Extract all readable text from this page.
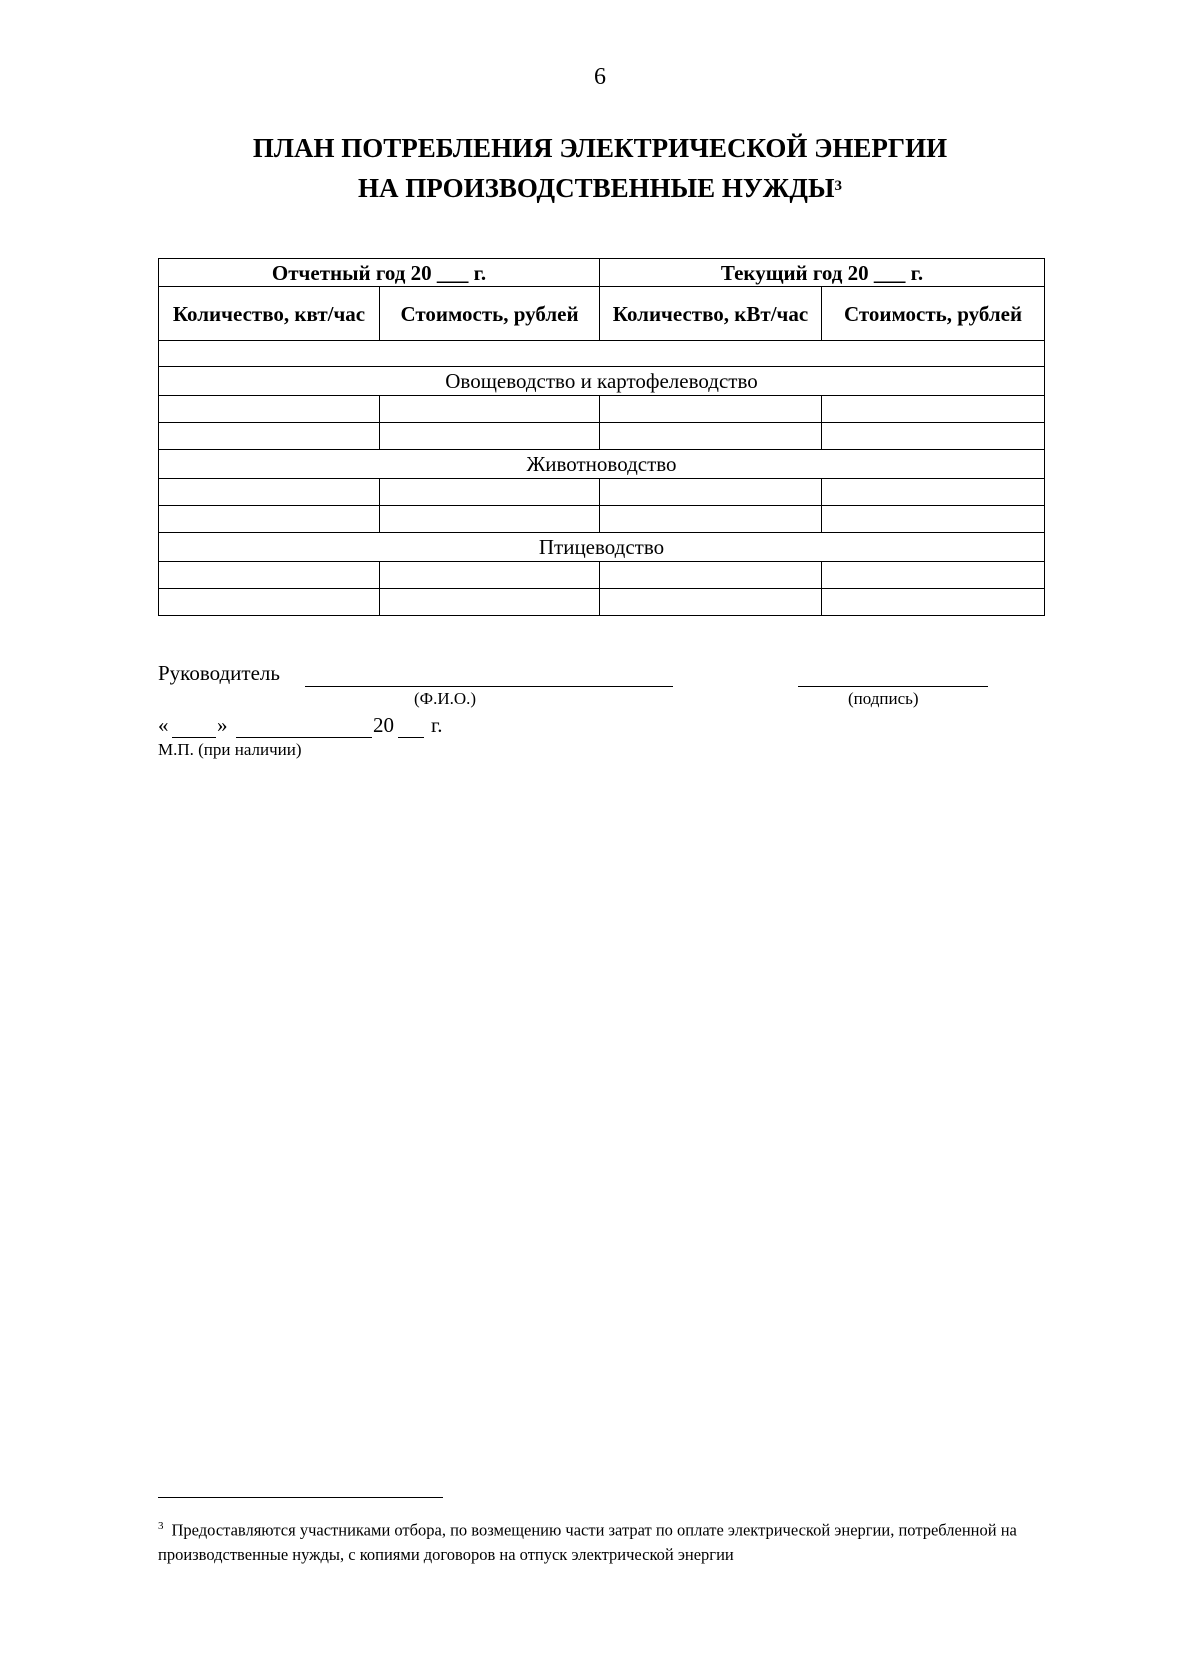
6
ПЛАН ПОТРЕБЛЕНИЯ ЭЛЕКТРИЧЕСКОЙ ЭНЕРГИИ
НА ПРОИЗВОДСТВЕННЫЕ НУЖДЫ$^3$
Отчетный год 20 ___ г.		Текущий год 20 ___ г.	
Количество, квт/час	Стоимость, рублей	Количество, кВт/час	Стоимость, рублей

Овощеводство и картофелеводство			

Животноводство			

Птицеводство			

Руководитель
(Ф.И.О.)	(подпись)
« »	20 г.
М.П. (при наличии)
$^3$ Предоставляются участниками отбора, по возмещению части затрат по оплате электрической энергии, потребленной на производственные нужды, с копиями договоров на отпуск электрической энергии
